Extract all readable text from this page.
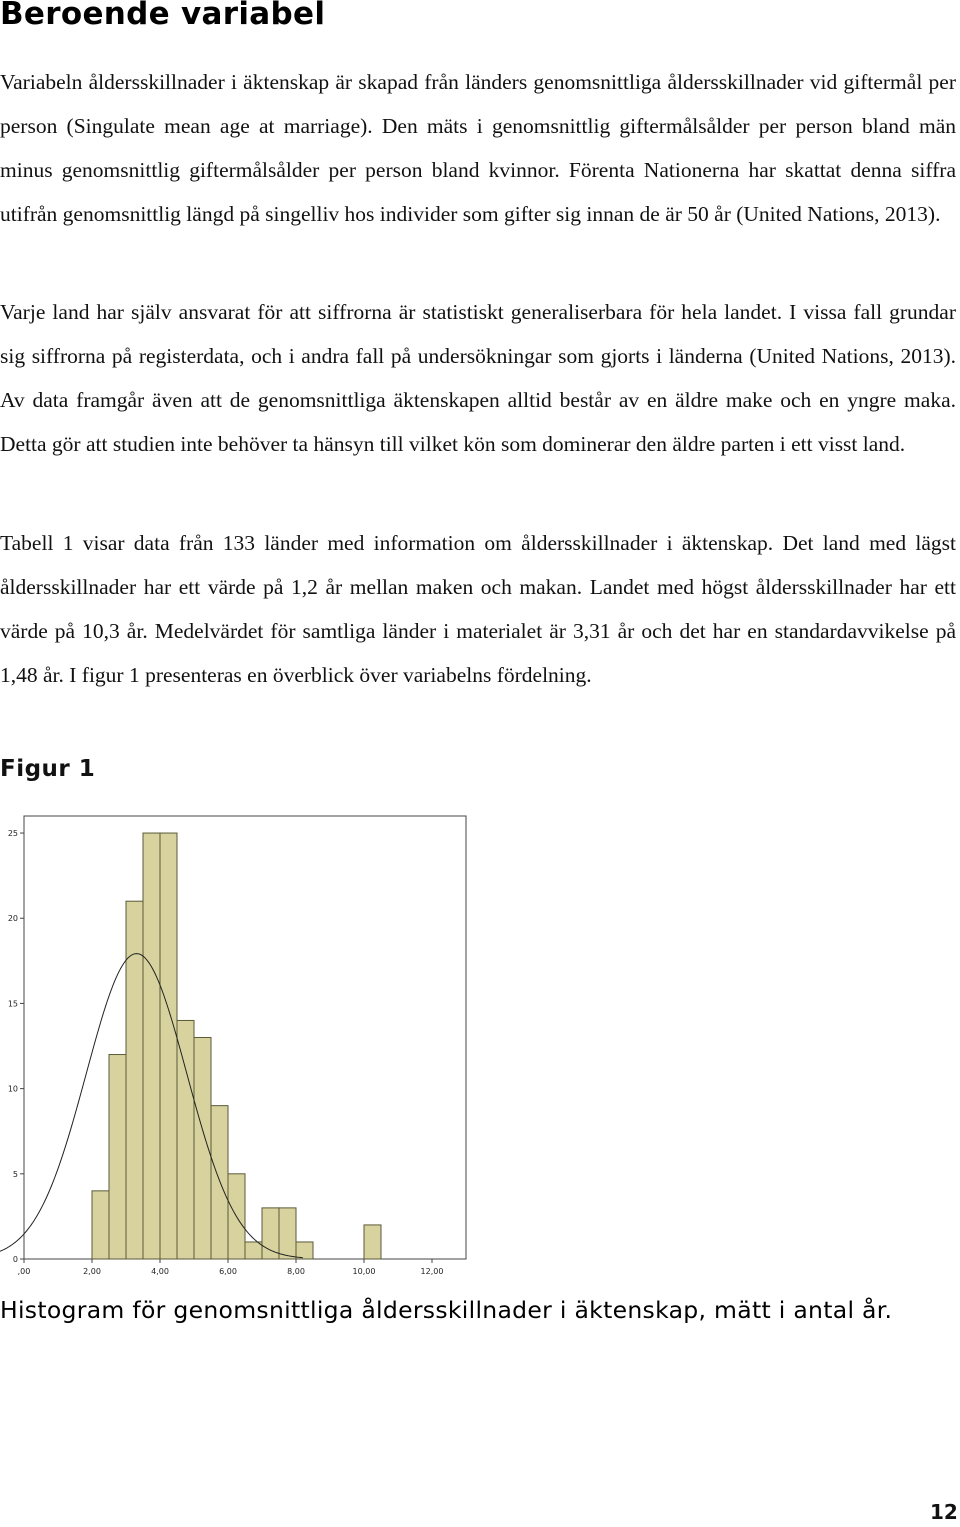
Beroende variabel

Variabeln åldersskillnader i äktenskap är skapad från länders genomsnittliga åldersskillnader vid giftermål per person (Singulate mean age at marriage). Den mäts i genomsnittlig giftermålsålder per person bland män minus genomsnittlig giftermålsålder per person bland kvinnor. Förenta Nationerna har skattat denna siffra utifrån genomsnittlig längd på singelliv hos individer som gifter sig innan de är 50 år (United Nations, 2013).

Varje land har själv ansvarat för att siffrorna är statistiskt generaliserbara för hela landet. I vissa fall grundar sig siffrorna på registerdata, och i andra fall på undersökningar som gjorts i länderna (United Nations, 2013). Av data framgår även att de genomsnittliga äktenskapen alltid består av en äldre make och en yngre maka. Detta gör att studien inte behöver ta hänsyn till vilket kön som dominerar den äldre parten i ett visst land.

Tabell 1 visar data från 133 länder med information om åldersskillnader i äktenskap. Det land med lägst åldersskillnader har ett värde på 1,2 år mellan maken och makan. Landet med högst åldersskillnader har ett värde på 10,3 år. Medelvärdet för samtliga länder i materialet är 3,31 år och det har en standardavvikelse på 1,48 år. I figur 1 presenteras en överblick över variabelns fördelning.

Figur 1
0
5
10
15
20
25
,00	2,00	4,00	6,00	8,00	10,00	12,00

Histogram för genomsnittliga åldersskillnader i äktenskap, mätt i antal år.

12
